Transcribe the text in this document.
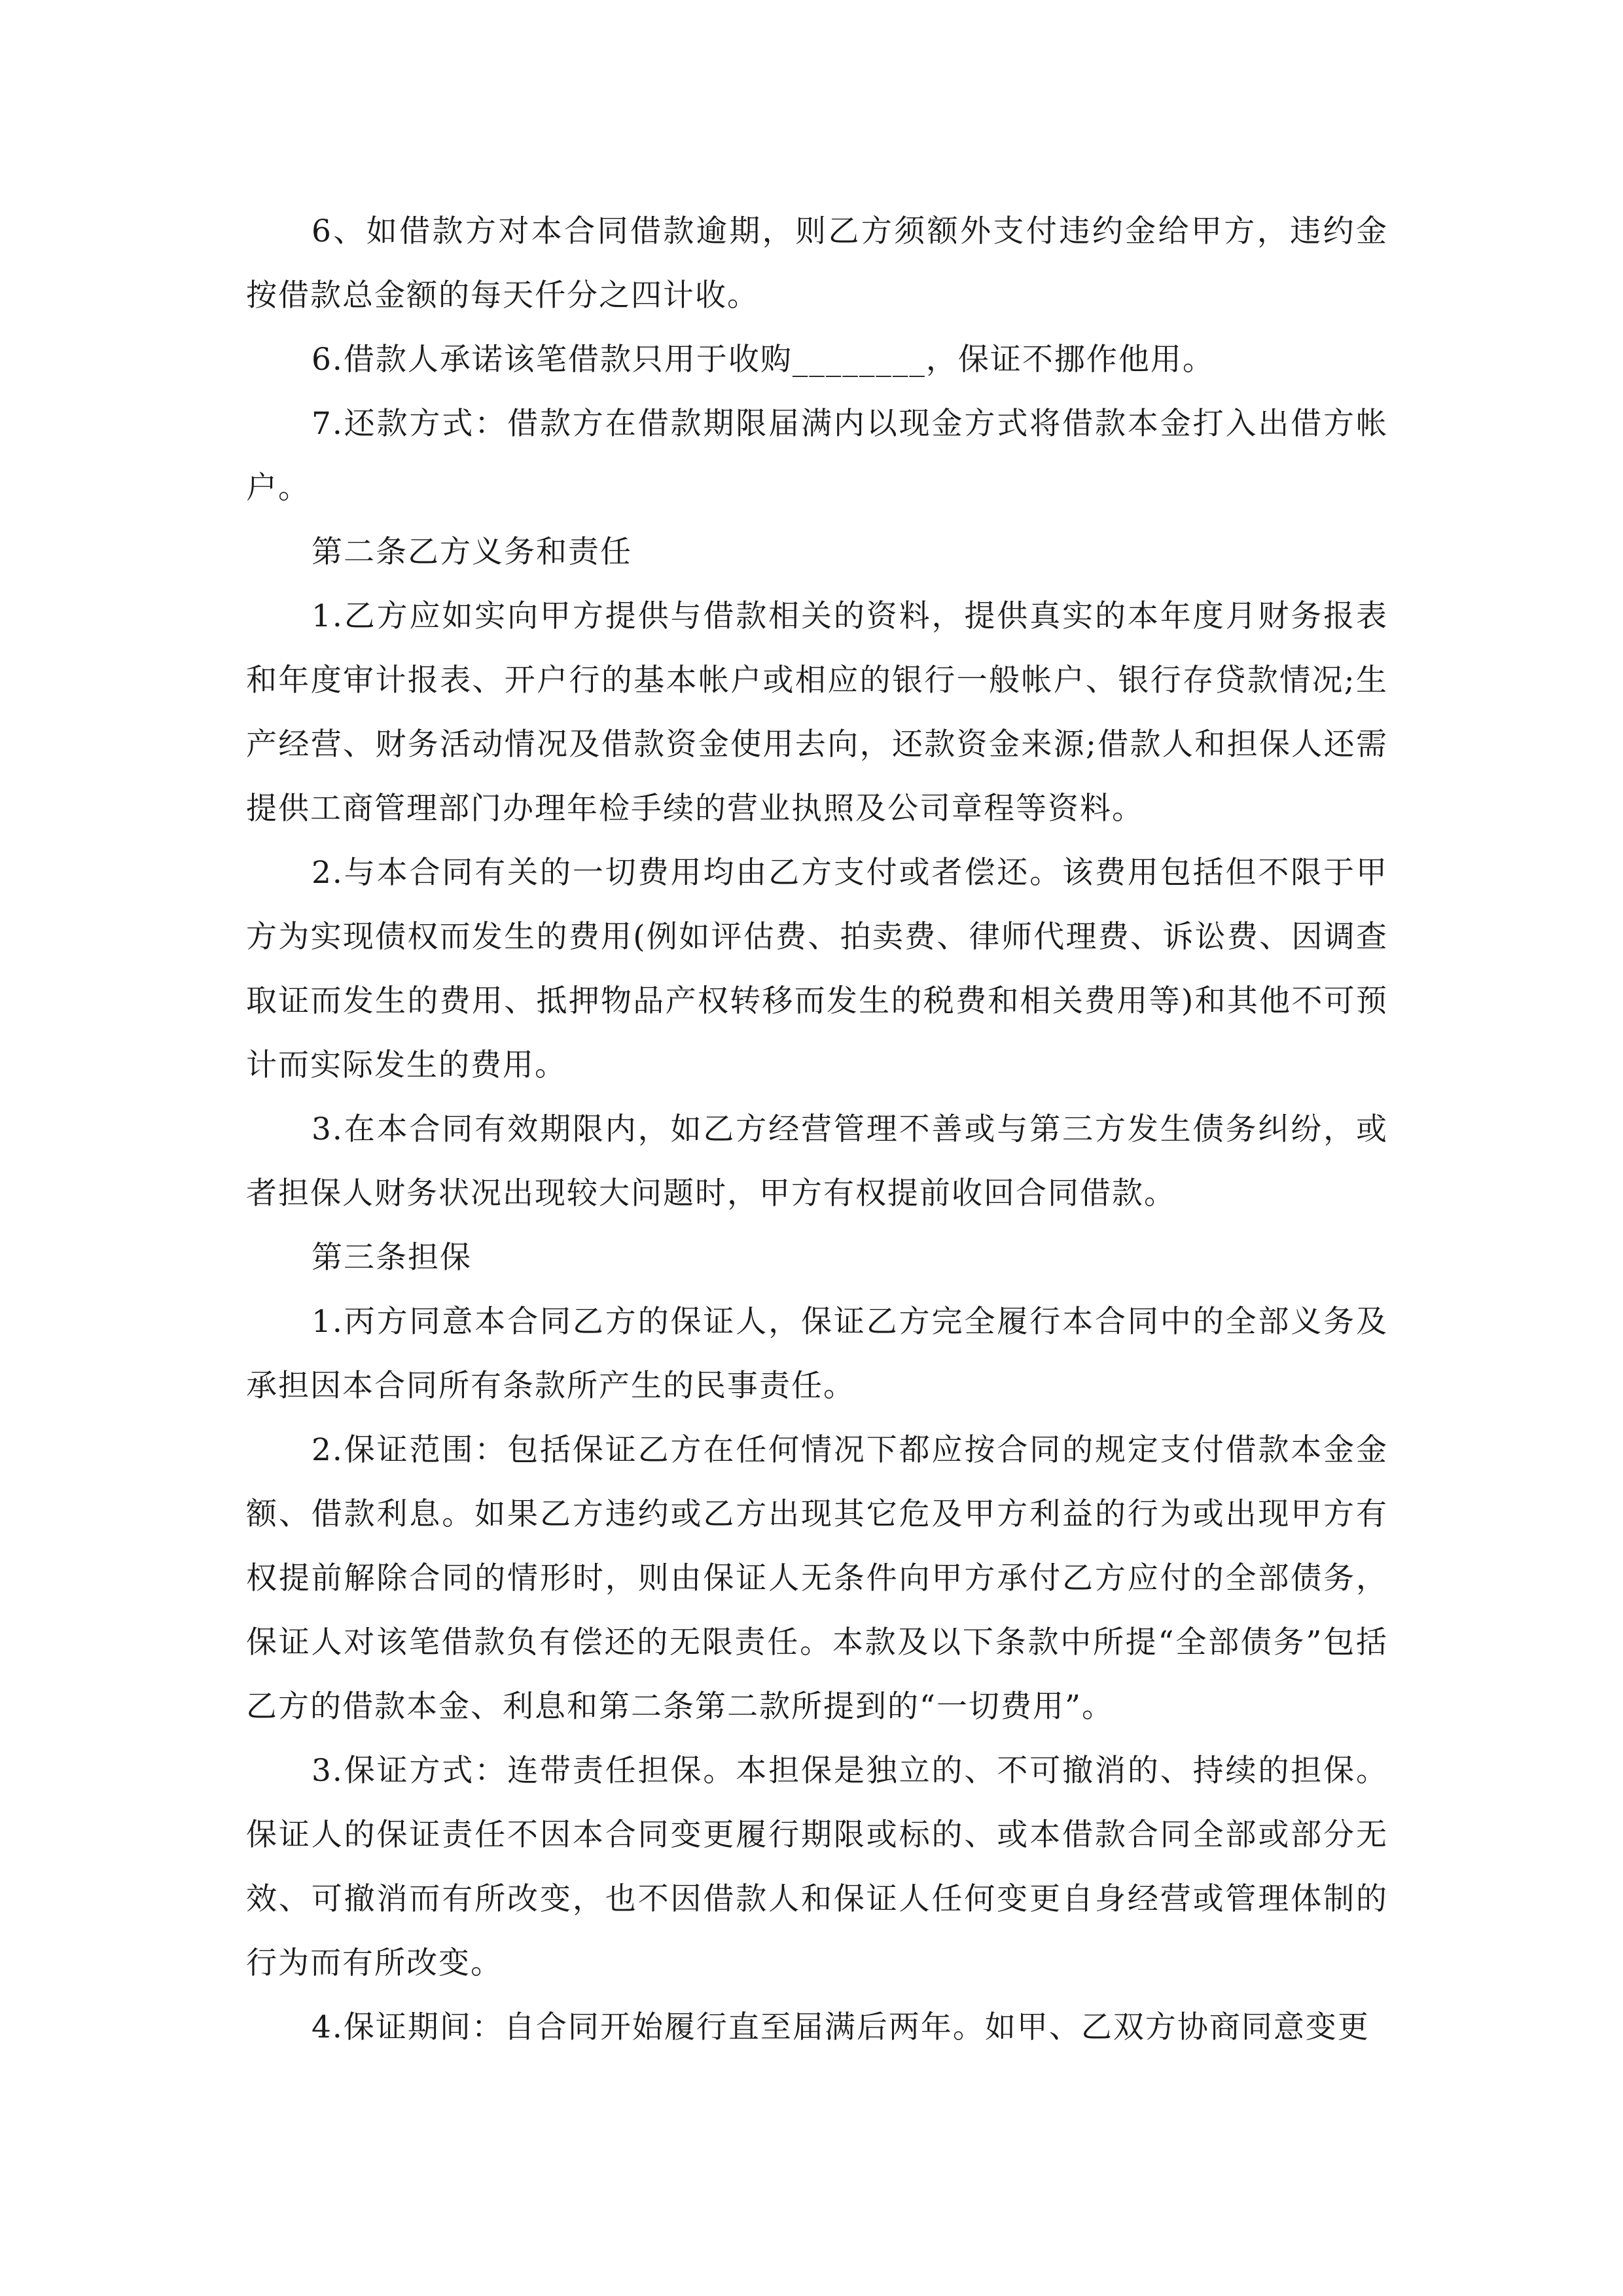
6、如借款方对本合同借款逾期，则乙方须额外支付违约金给甲方，违约金按借款总金额的每天仟分之四计收。

6.借款人承诺该笔借款只用于收购________，保证不挪作他用。

7.还款方式：借款方在借款期限届满内以现金方式将借款本金打入出借方帐户。

第二条乙方义务和责任

1.乙方应如实向甲方提供与借款相关的资料，提供真实的本年度月财务报表和年度审计报表、开户行的基本帐户或相应的银行一般帐户、银行存贷款情况;生产经营、财务活动情况及借款资金使用去向，还款资金来源;借款人和担保人还需提供工商管理部门办理年检手续的营业执照及公司章程等资料。

2.与本合同有关的一切费用均由乙方支付或者偿还。该费用包括但不限于甲方为实现债权而发生的费用(例如评估费、拍卖费、律师代理费、诉讼费、因调查取证而发生的费用、抵押物品产权转移而发生的税费和相关费用等)和其他不可预计而实际发生的费用。

3.在本合同有效期限内，如乙方经营管理不善或与第三方发生债务纠纷，或者担保人财务状况出现较大问题时，甲方有权提前收回合同借款。

第三条担保

1.丙方同意本合同乙方的保证人，保证乙方完全履行本合同中的全部义务及承担因本合同所有条款所产生的民事责任。

2.保证范围：包括保证乙方在任何情况下都应按合同的规定支付借款本金金额、借款利息。如果乙方违约或乙方出现其它危及甲方利益的行为或出现甲方有权提前解除合同的情形时，则由保证人无条件向甲方承付乙方应付的全部债务，保证人对该笔借款负有偿还的无限责任。本款及以下条款中所提“全部债务”包括乙方的借款本金、利息和第二条第二款所提到的“一切费用”。

3.保证方式：连带责任担保。本担保是独立的、不可撤消的、持续的担保。保证人的保证责任不因本合同变更履行期限或标的、或本借款合同全部或部分无效、可撤消而有所改变，也不因借款人和保证人任何变更自身经营或管理体制的行为而有所改变。

4.保证期间：自合同开始履行直至届满后两年。如甲、乙双方协商同意变更
